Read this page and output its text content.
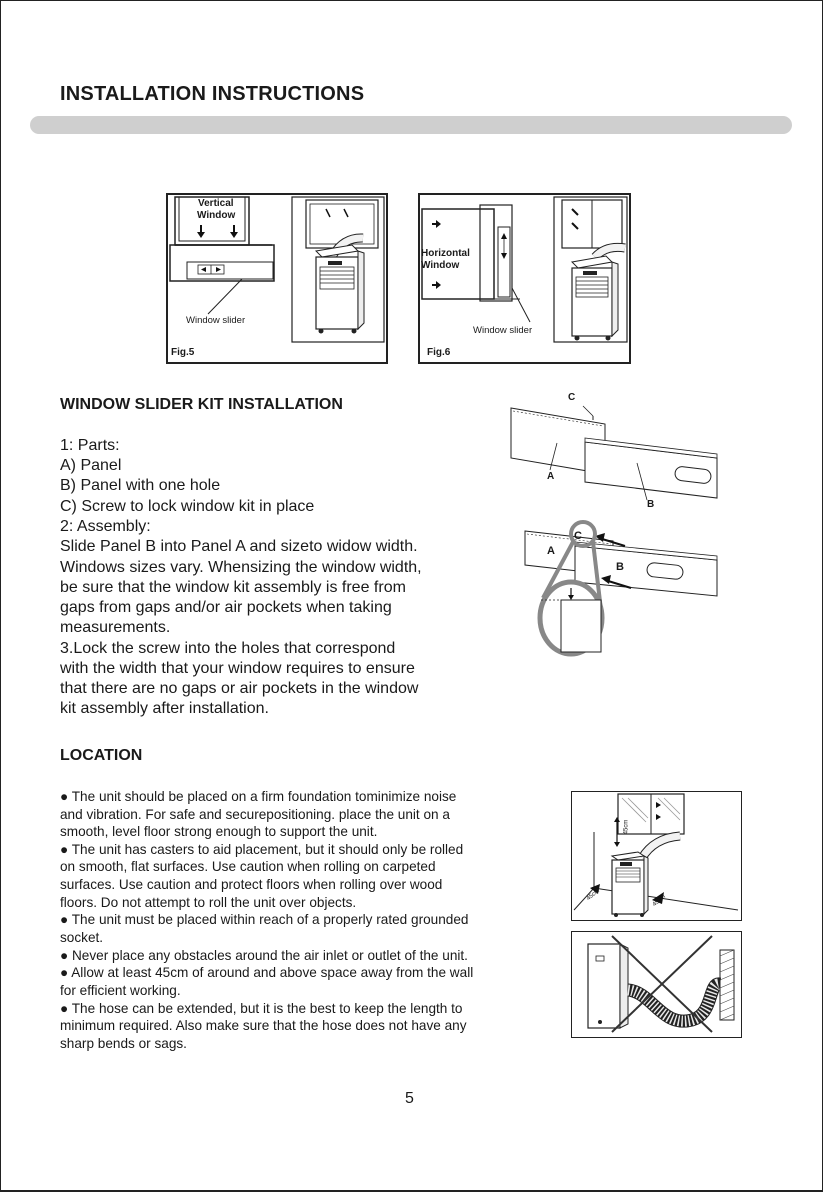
INSTALLATION INSTRUCTIONS
Vertical
Window
Window slider
Fig.5
Horizontal
Window
Window slider
Fig.6
WINDOW SLIDER KIT INSTALLATION
1: Parts:
A) Panel
B) Panel with one hole
C) Screw to lock window kit in place
2: Assembly:
Slide Panel B into Panel A and sizeto widow width.
Windows sizes vary. Whensizing the window width,
be sure that the window kit assembly is free from
gaps from gaps and/or air pockets when taking
measurements.
3.Lock the screw into the holes that correspond
with the width that your window requires to ensure
that there are no gaps or air pockets in the window
kit assembly after installation.
C
A
B
C
A
B
LOCATION
● The unit should be placed on a firm foundation tominimize noise
and vibration. For safe and securepositioning. place the unit on a
smooth, level floor strong enough to support the unit.
● The unit has casters to aid placement, but it should only be rolled
on smooth, flat surfaces. Use caution when rolling on carpeted
surfaces. Use caution and protect floors when rolling over wood
floors. Do not attempt to roll the unit over objects.
● The unit must be placed within reach of a properly rated grounded
socket.
● Never place any obstacles around the air inlet or outlet of the unit.
● Allow at least 45cm of around and above space away from the wall
for efficient working.
● The hose can be extended, but it is the best to keep the length to
minimum required. Also make sure that the hose does not have any
sharp bends or sags.
45cm
45cm	45cm
5
